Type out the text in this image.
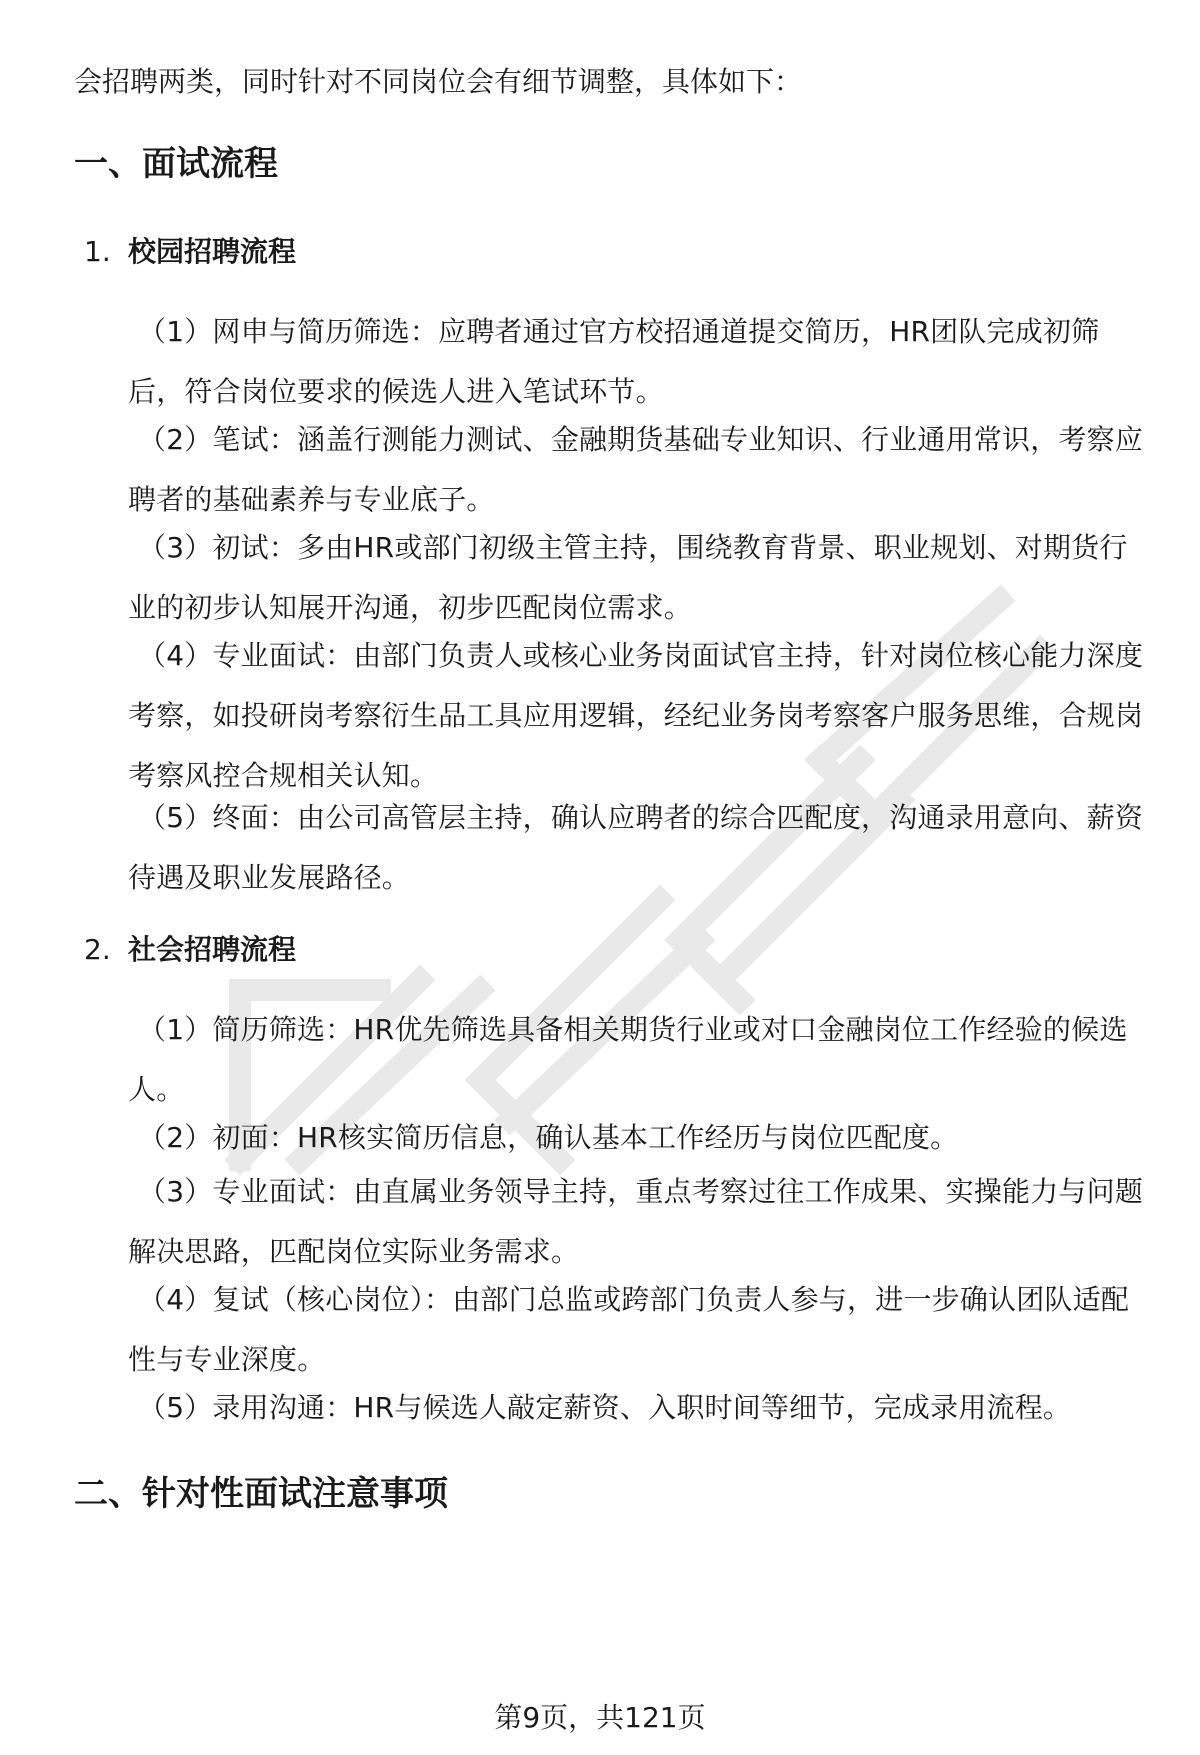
会招聘两类，同时针对不同岗位会有细节调整，具体如下：

一、面试流程
1. 校园招聘流程

（1）网申与简历筛选：应聘者通过官方校招通道提交简历，HR团队完成初筛后，符合岗位要求的候选人进入笔试环节。

（2）笔试：涵盖行测能力测试、金融期货基础专业知识、行业通用常识，考察应聘者的基础素养与专业底子。

（3）初试：多由HR或部门初级主管主持，围绕教育背景、职业规划、对期货行业的初步认知展开沟通，初步匹配岗位需求。

（4）专业面试：由部门负责人或核心业务岗面试官主持，针对岗位核心能力深度考察，如投研岗考察衍生品工具应用逻辑，经纪业务岗考察客户服务思维，合规岗考察风控合规相关认知。

（5）终面：由公司高管层主持，确认应聘者的综合匹配度，沟通录用意向、薪资待遇及职业发展路径。

2. 社会招聘流程

（1）简历筛选：HR优先筛选具备相关期货行业或对口金融岗位工作经验的候选人。

（2）初面：HR核实简历信息，确认基本工作经历与岗位匹配度。

（3）专业面试：由直属业务领导主持，重点考察过往工作成果、实操能力与问题解决思路，匹配岗位实际业务需求。

（4）复试（核心岗位）：由部门总监或跨部门负责人参与，进一步确认团队适配性与专业深度。

（5）录用沟通：HR与候选人敲定薪资、入职时间等细节，完成录用流程。

二、针对性面试注意事项
第9页，共121页
